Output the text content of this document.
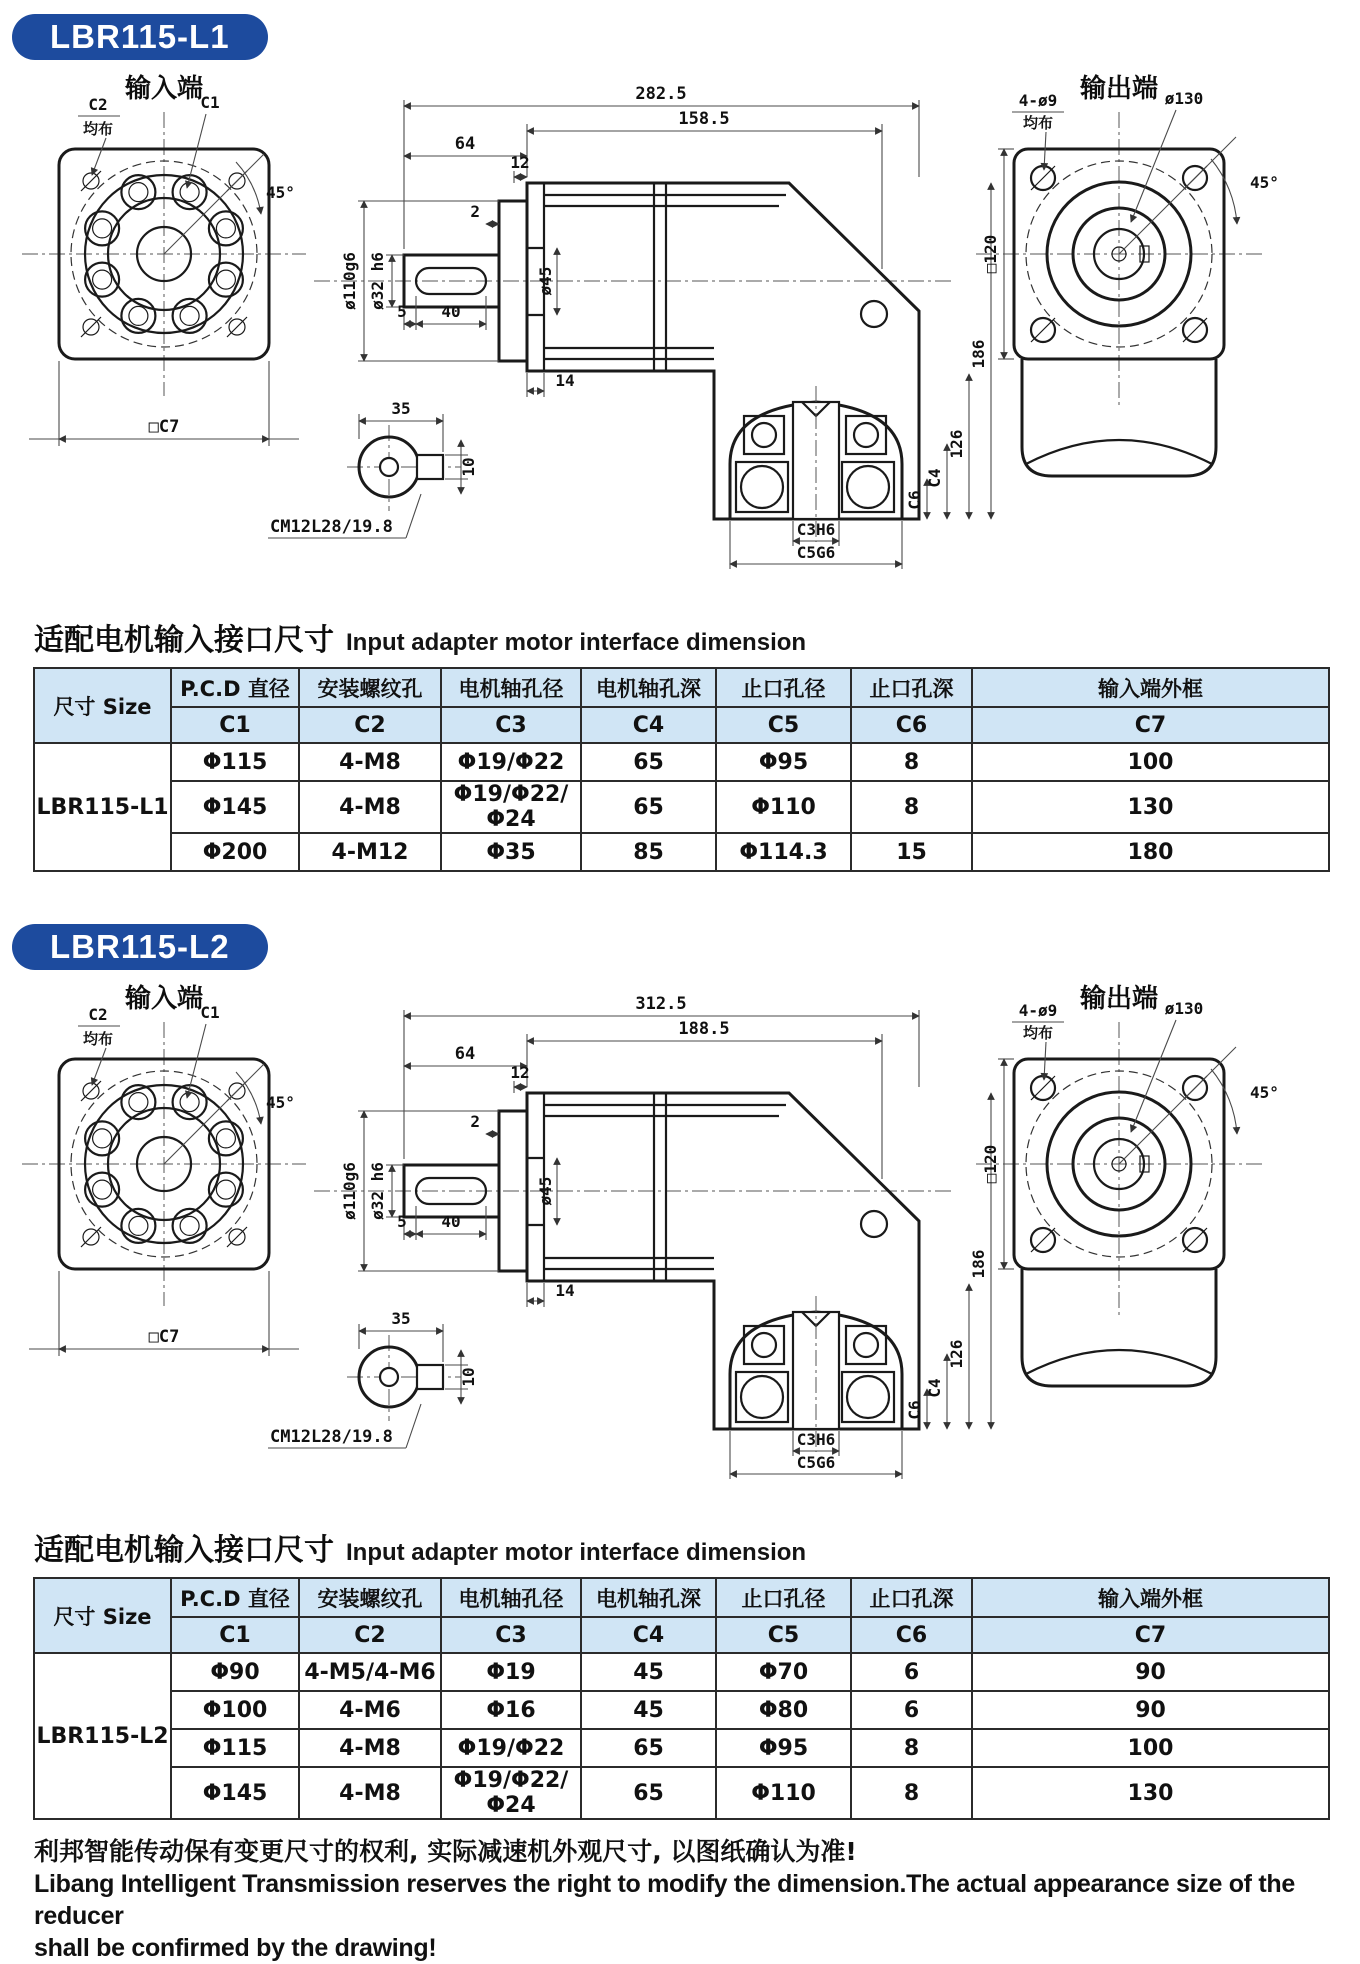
LBR115-L1
输入端
45°
C2
均布
C1
□C7
35
10
CM12L28/19.8
282.5
158.5
64
12
2
ø110g6 ø32 h6	ø45
5 40
14
C6
C4
126
186
C3H6
C5G6
输出端
45°
4-ø9
均布
ø130
□120
适配电机输入接口尺寸 Input adapter motor interface dimension
尺寸 Size	P.C.D 直径	安装螺纹孔	电机轴孔径	电机轴孔深	止口孔径	止口孔深	输入端外框
	C1	C2	C3	C4	C5	C6	C7
LBR115-L1	Φ115	4-M8	Φ19/Φ22	65	Φ95	8	100
	Φ145	4-M8	Φ19/Φ22/Φ24	65	Φ110	8	130
	Φ200	4-M12	Φ35	85	Φ114.3	15	180
LBR115-L2
输入端
45°
C2
均布
C1
□C7
35
10
CM12L28/19.8
312.5
188.5
64
12
2
ø110g6 ø32 h6	ø45
5 40
14
C6
C4
126
186
C3H6
C5G6
输出端
45°
4-ø9
均布
ø130
□120
适配电机输入接口尺寸 Input adapter motor interface dimension
尺寸 Size	P.C.D 直径	安装螺纹孔	电机轴孔径	电机轴孔深	止口孔径	止口孔深	输入端外框
	C1	C2	C3	C4	C5	C6	C7
LBR115-L2	Φ90	4-M5/4-M6	Φ19	45	Φ70	6	90
	Φ100	4-M6	Φ16	45	Φ80	6	90
	Φ115	4-M8	Φ19/Φ22	65	Φ95	8	100
	Φ145	4-M8	Φ19/Φ22/Φ24	65	Φ110	8	130
利邦智能传动保有变更尺寸的权利, 实际减速机外观尺寸, 以图纸确认为准!
Libang Intelligent Transmission reserves the right to modify the dimension.The actual appearance size of the reducer
shall be confirmed by the drawing!
